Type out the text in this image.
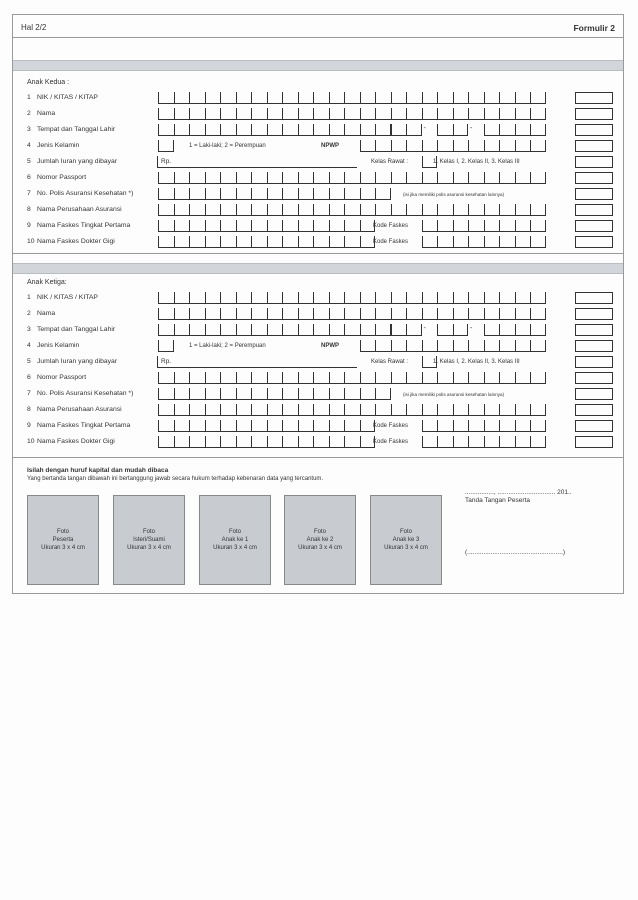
Hal 2/2	Formulir 2
Anak Kedua :
1 NIK / KITAS / KITAP
2 Nama
3 Tempat dan Tanggal Lahir	-	-
4 Jenis Kelamin	1 = Laki-laki; 2 = Perempuan	NPWP
5 Jumlah Iuran yang dibayar	Rp.	Kelas Rawat :	1. Kelas I, 2. Kelas II, 3. Kelas III
6 Nomor Passport
7 No. Polis Asuransi Kesehatan *)	(isi jika memiliki polis asuransi kesehatan lainnya)
8 Nama Perusahaan Asuransi
9 Nama Faskes Tingkat Pertama	Kode Faskes
10 Nama Faskes Dokter Gigi	Kode Faskes
Anak Ketiga:
1 NIK / KITAS / KITAP
2 Nama
3 Tempat dan Tanggal Lahir	-	-
4 Jenis Kelamin	1 = Laki-laki; 2 = Perempuan	NPWP
5 Jumlah Iuran yang dibayar	Rp.	Kelas Rawat :	1. Kelas I, 2. Kelas II, 3. Kelas III
6 Nomor Passport
7 No. Polis Asuransi Kesehatan *)	(isi jika memiliki polis asuransi kesehatan lainnya)
8 Nama Perusahaan Asuransi
9 Nama Faskes Tingkat Pertama	Kode Faskes
10 Nama Faskes Dokter Gigi	Kode Faskes
Isilah dengan huruf kapital dan mudah dibaca
Yang bertanda tangan dibawah ini bertanggung jawab secara hukum terhadap kebenaran data yang tercantum.
Foto
Peserta
Ukuran 3 x 4 cm
Foto
Isteri/Suami
Ukuran 3 x 4 cm
Foto
Anak ke 1
Ukuran 3 x 4 cm
Foto
Anak ke 2
Ukuran 3 x 4 cm
Foto
Anak ke 3
Ukuran 3 x 4 cm
................, ................................ 201..
Tanda Tangan Peserta
(.....................................................)
